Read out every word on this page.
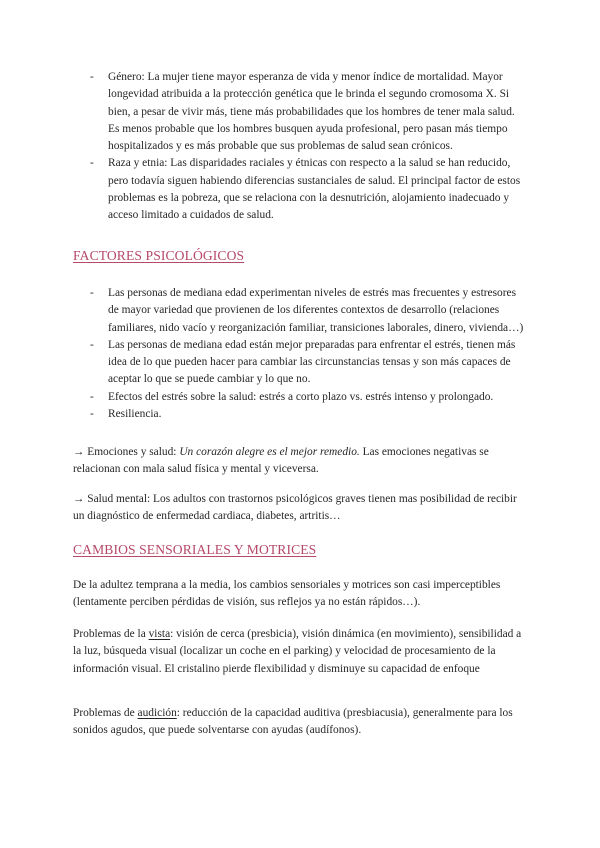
- Género: La mujer tiene mayor esperanza de vida y menor índice de mortalidad. Mayor longevidad atribuida a la protección genética que le brinda el segundo cromosoma X. Si bien, a pesar de vivir más, tiene más probabilidades que los hombres de tener mala salud. Es menos probable que los hombres busquen ayuda profesional, pero pasan más tiempo hospitalizados y es más probable que sus problemas de salud sean crónicos.
- Raza y etnia: Las disparidades raciales y étnicas con respecto a la salud se han reducido, pero todavía siguen habiendo diferencias sustanciales de salud. El principal factor de estos problemas es la pobreza, que se relaciona con la desnutrición, alojamiento inadecuado y acceso limitado a cuidados de salud.
FACTORES PSICOLÓGICOS
- Las personas de mediana edad experimentan niveles de estrés mas frecuentes y estresores de mayor variedad que provienen de los diferentes contextos de desarrollo (relaciones familiares, nido vacío y reorganización familiar, transiciones laborales, dinero, vivienda…)
- Las personas de mediana edad están mejor preparadas para enfrentar el estrés, tienen más idea de lo que pueden hacer para cambiar las circunstancias tensas y son más capaces de aceptar lo que se puede cambiar y lo que no.
- Efectos del estrés sobre la salud: estrés a corto plazo vs. estrés intenso y prolongado.
- Resiliencia.

→ Emociones y salud: Un corazón alegre es el mejor remedio. Las emociones negativas se relacionan con mala salud física y mental y viceversa.

→ Salud mental: Los adultos con trastornos psicológicos graves tienen mas posibilidad de recibir un diagnóstico de enfermedad cardiaca, diabetes, artritis…

CAMBIOS SENSORIALES Y MOTRICES

De la adultez temprana a la media, los cambios sensoriales y motrices son casi imperceptibles (lentamente perciben pérdidas de visión, sus reflejos ya no están rápidos…).

Problemas de la vista: visión de cerca (presbicia), visión dinámica (en movimiento), sensibilidad a la luz, búsqueda visual (localizar un coche en el parking) y velocidad de procesamiento de la información visual. El cristalino pierde flexibilidad y disminuye su capacidad de enfoque

Problemas de audición: reducción de la capacidad auditiva (presbiacusia), generalmente para los sonidos agudos, que puede solventarse con ayudas (audífonos).
